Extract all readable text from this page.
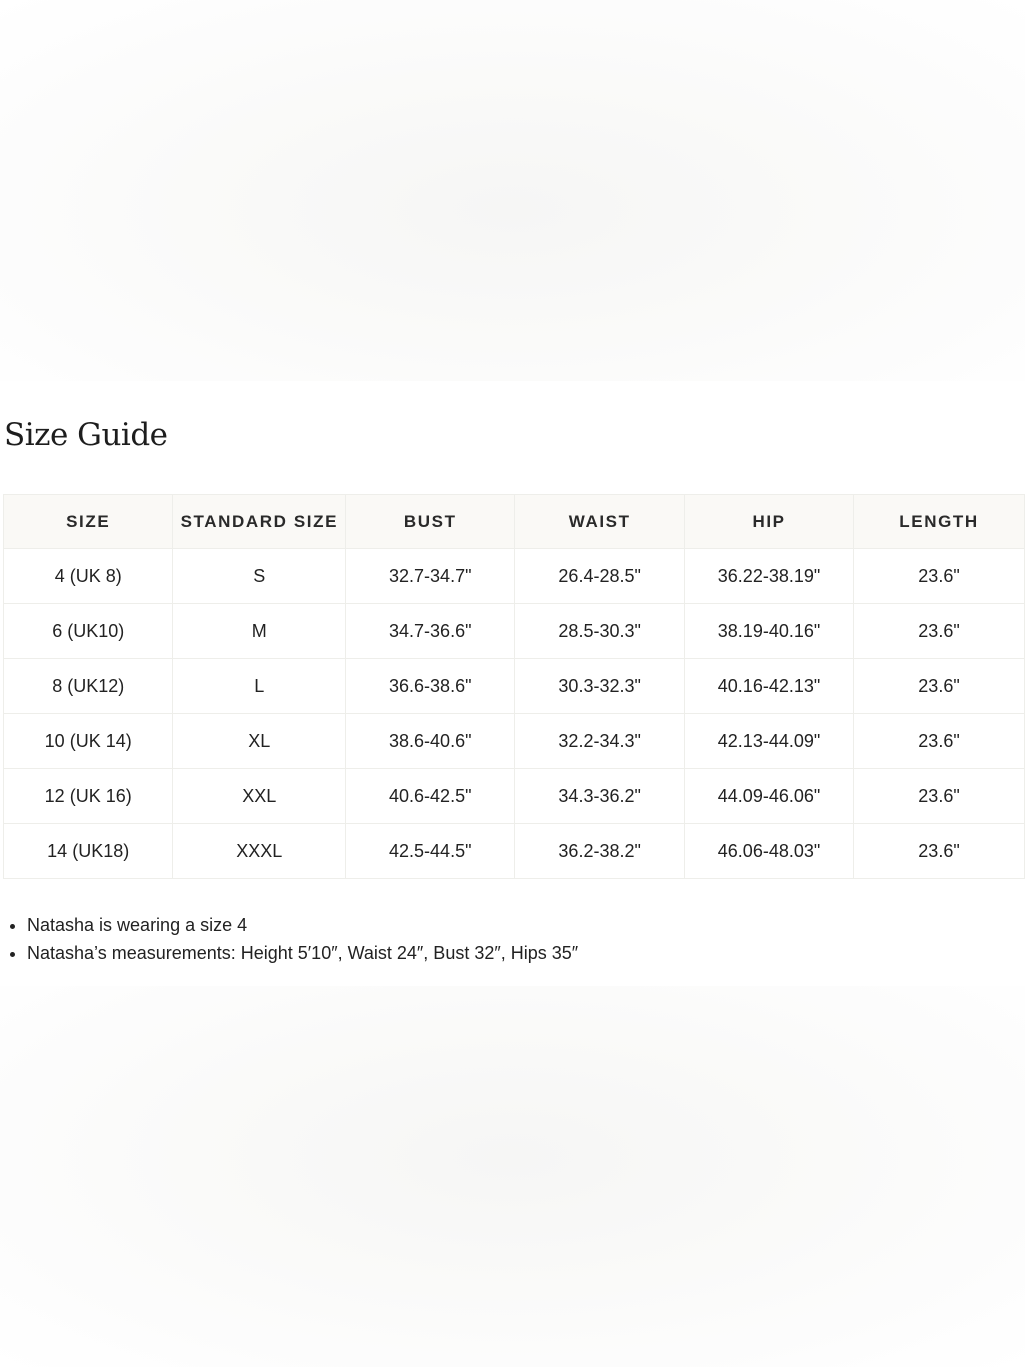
Size Guide
SIZE	STANDARD SIZE	BUST	WAIST	HIP	LENGTH
4 (UK 8)	S	32.7-34.7"	26.4-28.5"	36.22-38.19"	23.6"
6 (UK10)	M	34.7-36.6"	28.5-30.3"	38.19-40.16"	23.6"
8 (UK12)	L	36.6-38.6"	30.3-32.3"	40.16-42.13"	23.6"
10 (UK 14)	XL	38.6-40.6"	32.2-34.3"	42.13-44.09"	23.6"
12 (UK 16)	XXL	40.6-42.5"	34.3-36.2"	44.09-46.06"	23.6"
14 (UK18)	XXXL	42.5-44.5"	36.2-38.2"	46.06-48.03"	23.6"
• Natasha is wearing a size 4
• Natasha’s measurements: Height 5′10″, Waist 24″, Bust 32″, Hips 35″
